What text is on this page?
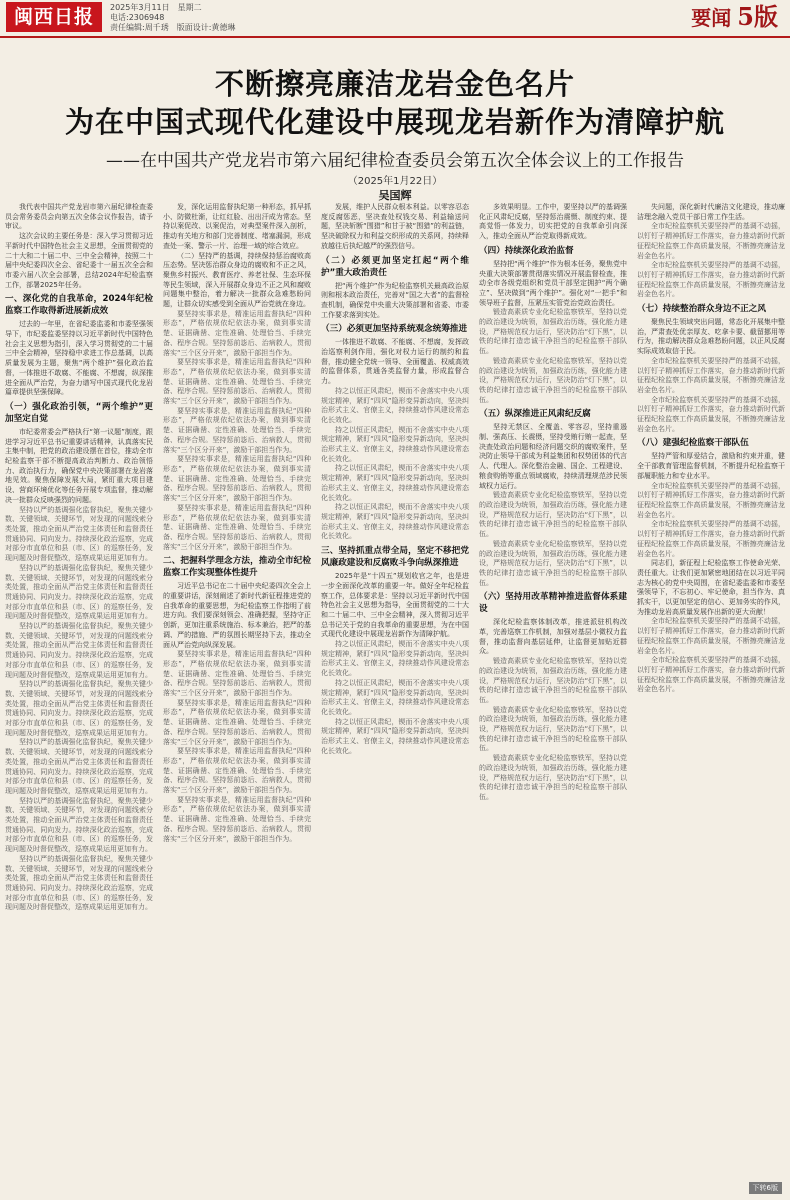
闽西日报	2025年3月11日　星期二
电话:2306948
责任编辑:周千琇　版面设计:黄德琳	要闻 5版
不断擦亮廉洁龙岩金色名片
为在中国式现代化建设中展现龙岩新作为清障护航
——在中国共产党龙岩市第六届纪律检查委员会第五次全体会议上的工作报告
（2025年1月22日）
吴国辉

我代表中国共产党龙岩市第六届纪律检查委员会常务委员会向第五次全体会议作报告，请予审议。

这次会议的主要任务是：深入学习贯彻习近平新时代中国特色社会主义思想，全面贯彻党的二十大和二十届二中、三中全会精神，按照二十届中央纪委四次全会、省纪委十一届五次全会和市委六届八次全会部署，总结2024年纪检监察工作，部署2025年任务。

一、深化党的自我革命，2024年纪检监察工作取得新进展新成效

过去的一年里，在省纪委监委和市委坚强领导下，市纪委监委坚持以习近平新时代中国特色社会主义思想为指引，深入学习贯彻党的二十届三中全会精神，坚持稳中求进工作总基调，以高质量发展为主题，聚焦“两个维护”强化政治监督，一体推进不敢腐、不能腐、不想腐，纵深推进全面从严治党，为奋力谱写中国式现代化龙岩篇章提供坚强保障。

（一）强化政治引领，“两个维护”更加坚定自觉

市纪委常委会严格执行“第一议题”制度，跟进学习习近平总书记重要讲话精神，认真落实民主集中制，把党的政治建设摆在首位，推动全市纪检监察干部不断提高政治判断力、政治领悟力、政治执行力，确保党中央决策部署在龙岩落地见效。聚焦保障发展大局，紧盯重大项目建设、营商环境优化等任务开展专项监督，推动解决一批群众反映强烈的问题。

坚持以严的基调强化监督执纪，聚焦关键少数、关键领域、关键环节，对发现的问题线索分类处置，推动全面从严治党主体责任和监督责任贯通协同、同向发力。持续深化政治巡察，完成对部分市直单位和县（市、区）的巡察任务，发现问题及时督促整改，巡察成果运用更加有力。

坚持以严的基调强化监督执纪，聚焦关键少数、关键领域、关键环节，对发现的问题线索分类处置，推动全面从严治党主体责任和监督责任贯通协同、同向发力。持续深化政治巡察，完成对部分市直单位和县（市、区）的巡察任务，发现问题及时督促整改，巡察成果运用更加有力。

坚持以严的基调强化监督执纪，聚焦关键少数、关键领域、关键环节，对发现的问题线索分类处置，推动全面从严治党主体责任和监督责任贯通协同、同向发力。持续深化政治巡察，完成对部分市直单位和县（市、区）的巡察任务，发现问题及时督促整改，巡察成果运用更加有力。

坚持以严的基调强化监督执纪，聚焦关键少数、关键领域、关键环节，对发现的问题线索分类处置，推动全面从严治党主体责任和监督责任贯通协同、同向发力。持续深化政治巡察，完成对部分市直单位和县（市、区）的巡察任务，发现问题及时督促整改，巡察成果运用更加有力。

坚持以严的基调强化监督执纪，聚焦关键少数、关键领域、关键环节，对发现的问题线索分类处置，推动全面从严治党主体责任和监督责任贯通协同、同向发力。持续深化政治巡察，完成对部分市直单位和县（市、区）的巡察任务，发现问题及时督促整改，巡察成果运用更加有力。

坚持以严的基调强化监督执纪，聚焦关键少数、关键领域、关键环节，对发现的问题线索分类处置，推动全面从严治党主体责任和监督责任贯通协同、同向发力。持续深化政治巡察，完成对部分市直单位和县（市、区）的巡察任务，发现问题及时督促整改，巡察成果运用更加有力。

坚持以严的基调强化监督执纪，聚焦关键少数、关键领域、关键环节，对发现的问题线索分类处置，推动全面从严治党主体责任和监督责任贯通协同、同向发力。持续深化政治巡察，完成对部分市直单位和县（市、区）的巡察任务，发现问题及时督促整改，巡察成果运用更加有力。

发，深化运用监督执纪第一种形态，抓早抓小、防微杜渐，让红红脸、出出汗成为常态。坚持以案促改、以案促治，对典型案件深入剖析，推动有关地方和部门完善制度、堵塞漏洞，形成查处一案、警示一片、治理一域的综合效应。

（二）坚持严的基调，持续保持惩治腐败高压态势。坚决惩治群众身边的腐败和不正之风，聚焦乡村振兴、教育医疗、养老社保、生态环保等民生领域，深入开展群众身边不正之风和腐败问题集中整治，着力解决一批群众急难愁盼问题，让群众切实感受到全面从严治党就在身边。

要坚持实事求是，精准运用监督执纪“四种形态”，严格依规依纪依法办案，做到事实清楚、证据确凿、定性准确、处理恰当、手续完备、程序合规。坚持惩前毖后、治病救人，贯彻落实“三个区分开来”，激励干部担当作为。

要坚持实事求是，精准运用监督执纪“四种形态”，严格依规依纪依法办案，做到事实清楚、证据确凿、定性准确、处理恰当、手续完备、程序合规。坚持惩前毖后、治病救人，贯彻落实“三个区分开来”，激励干部担当作为。

要坚持实事求是，精准运用监督执纪“四种形态”，严格依规依纪依法办案，做到事实清楚、证据确凿、定性准确、处理恰当、手续完备、程序合规。坚持惩前毖后、治病救人，贯彻落实“三个区分开来”，激励干部担当作为。

要坚持实事求是，精准运用监督执纪“四种形态”，严格依规依纪依法办案，做到事实清楚、证据确凿、定性准确、处理恰当、手续完备、程序合规。坚持惩前毖后、治病救人，贯彻落实“三个区分开来”，激励干部担当作为。

要坚持实事求是，精准运用监督执纪“四种形态”，严格依规依纪依法办案，做到事实清楚、证据确凿、定性准确、处理恰当、手续完备、程序合规。坚持惩前毖后、治病救人，贯彻落实“三个区分开来”，激励干部担当作为。

二、把握科学理念方法，推动全市纪检监察工作实现整体性提升

习近平总书记在二十届中央纪委四次全会上的重要讲话，深刻阐述了新时代新征程推进党的自我革命的重要思想，为纪检监察工作指明了前进方向。我们要深刻领会、准确把握，坚持守正创新，更加注重系统施治、标本兼治，把严的基调、严的措施、严的氛围长期坚持下去，推动全面从严治党向纵深发展。

要坚持实事求是，精准运用监督执纪“四种形态”，严格依规依纪依法办案，做到事实清楚、证据确凿、定性准确、处理恰当、手续完备、程序合规。坚持惩前毖后、治病救人，贯彻落实“三个区分开来”，激励干部担当作为。

要坚持实事求是，精准运用监督执纪“四种形态”，严格依规依纪依法办案，做到事实清楚、证据确凿、定性准确、处理恰当、手续完备、程序合规。坚持惩前毖后、治病救人，贯彻落实“三个区分开来”，激励干部担当作为。

要坚持实事求是，精准运用监督执纪“四种形态”，严格依规依纪依法办案，做到事实清楚、证据确凿、定性准确、处理恰当、手续完备、程序合规。坚持惩前毖后、治病救人，贯彻落实“三个区分开来”，激励干部担当作为。

要坚持实事求是，精准运用监督执纪“四种形态”，严格依规依纪依法办案，做到事实清楚、证据确凿、定性准确、处理恰当、手续完备、程序合规。坚持惩前毖后、治病救人，贯彻落实“三个区分开来”，激励干部担当作为。

发展，维护人民群众根本利益。以零容忍态度反腐惩恶，坚决查处权钱交易、利益输送问题，坚决斩断“围猎”和甘于被“围猎”的利益链，坚决破除权力和利益交织形成的关系网，持续释放越往后执纪越严的强烈信号。

（二）必须更加坚定扛起“两个维护”重大政治责任

把“两个维护”作为纪检监察机关最高政治原则和根本政治责任，完善对“国之大者”的监督检查机制，确保党中央重大决策部署和省委、市委工作要求落到实处。

（三）必须更加坚持系统观念统筹推进

一体推进不敢腐、不能腐、不想腐，发挥政治巡察利剑作用，强化对权力运行的制约和监督，推动健全党统一领导、全面覆盖、权威高效的监督体系，贯通各类监督力量，形成监督合力。

持之以恒正风肃纪，锲而不舍落实中央八项规定精神，紧盯“四风”隐形变异新动向，坚决纠治形式主义、官僚主义，持续推动作风建设常态化长效化。

持之以恒正风肃纪，锲而不舍落实中央八项规定精神，紧盯“四风”隐形变异新动向，坚决纠治形式主义、官僚主义，持续推动作风建设常态化长效化。

持之以恒正风肃纪，锲而不舍落实中央八项规定精神，紧盯“四风”隐形变异新动向，坚决纠治形式主义、官僚主义，持续推动作风建设常态化长效化。

持之以恒正风肃纪，锲而不舍落实中央八项规定精神，紧盯“四风”隐形变异新动向，坚决纠治形式主义、官僚主义，持续推动作风建设常态化长效化。

三、坚持抓重点带全局，坚定不移把党风廉政建设和反腐败斗争向纵深推进

2025年是“十四五”规划收官之年，也是进一步全面深化改革的重要一年。做好全年纪检监察工作，总体要求是：坚持以习近平新时代中国特色社会主义思想为指导，全面贯彻党的二十大和二十届二中、三中全会精神，深入贯彻习近平总书记关于党的自我革命的重要思想，为在中国式现代化建设中展现龙岩新作为清障护航。

持之以恒正风肃纪，锲而不舍落实中央八项规定精神，紧盯“四风”隐形变异新动向，坚决纠治形式主义、官僚主义，持续推动作风建设常态化长效化。

持之以恒正风肃纪，锲而不舍落实中央八项规定精神，紧盯“四风”隐形变异新动向，坚决纠治形式主义、官僚主义，持续推动作风建设常态化长效化。

持之以恒正风肃纪，锲而不舍落实中央八项规定精神，紧盯“四风”隐形变异新动向，坚决纠治形式主义、官僚主义，持续推动作风建设常态化长效化。

多效果明显。工作中，要坚持以严的基调强化正风肃纪反腐，坚持惩治震慑、制度约束、提高觉悟一体发力，切实把党的自我革命引向深入，推动全面从严治党取得新成效。

（四）持续深化政治监督

坚持把“两个维护”作为根本任务，聚焦党中央重大决策部署贯彻落实情况开展监督检查，推动全市各级党组织和党员干部坚定拥护“两个确立”、坚决做到“两个维护”。强化对“一把手”和领导班子监督，压紧压实管党治党政治责任。

锻造高素质专业化纪检监察铁军，坚持以党的政治建设为统领，加强政治历练，强化能力建设，严格规范权力运行，坚决防治“灯下黑”，以铁的纪律打造忠诚干净担当的纪检监察干部队伍。

锻造高素质专业化纪检监察铁军，坚持以党的政治建设为统领，加强政治历练，强化能力建设，严格规范权力运行，坚决防治“灯下黑”，以铁的纪律打造忠诚干净担当的纪检监察干部队伍。

（五）纵深推进正风肃纪反腐

坚持无禁区、全覆盖、零容忍，坚持重遏制、强高压、长震慑，坚持受贿行贿一起查，坚决查处政治问题和经济问题交织的腐败案件，坚决防止领导干部成为利益集团和权势团体的代言人、代理人。深化整治金融、国企、工程建设、粮食购销等重点领域腐败，持续清理规范涉民领域权力运行。

锻造高素质专业化纪检监察铁军，坚持以党的政治建设为统领，加强政治历练，强化能力建设，严格规范权力运行，坚决防治“灯下黑”，以铁的纪律打造忠诚干净担当的纪检监察干部队伍。

锻造高素质专业化纪检监察铁军，坚持以党的政治建设为统领，加强政治历练，强化能力建设，严格规范权力运行，坚决防治“灯下黑”，以铁的纪律打造忠诚干净担当的纪检监察干部队伍。

（六）坚持用改革精神推进监督体系建设

深化纪检监察体制改革，推进派驻机构改革，完善巡察工作机制，加强对基层小微权力监督，推动监督向基层延伸，让监督更加贴近群众。

锻造高素质专业化纪检监察铁军，坚持以党的政治建设为统领，加强政治历练，强化能力建设，严格规范权力运行，坚决防治“灯下黑”，以铁的纪律打造忠诚干净担当的纪检监察干部队伍。

锻造高素质专业化纪检监察铁军，坚持以党的政治建设为统领，加强政治历练，强化能力建设，严格规范权力运行，坚决防治“灯下黑”，以铁的纪律打造忠诚干净担当的纪检监察干部队伍。

锻造高素质专业化纪检监察铁军，坚持以党的政治建设为统领，加强政治历练，强化能力建设，严格规范权力运行，坚决防治“灯下黑”，以铁的纪律打造忠诚干净担当的纪检监察干部队伍。

失问题，深化新时代廉洁文化建设，推动廉洁理念融入党员干部日常工作生活。

全市纪检监察机关要坚持严的基调不动摇，以钉钉子精神抓好工作落实，奋力推动新时代新征程纪检监察工作高质量发展，不断擦亮廉洁龙岩金色名片。

全市纪检监察机关要坚持严的基调不动摇，以钉钉子精神抓好工作落实，奋力推动新时代新征程纪检监察工作高质量发展，不断擦亮廉洁龙岩金色名片。

（七）持续整治群众身边不正之风

聚焦民生领域突出问题，常态化开展集中整治，严肃查处优亲厚友、吃拿卡要、截留挪用等行为，推动解决群众急难愁盼问题，以正风反腐实际成效取信于民。

全市纪检监察机关要坚持严的基调不动摇，以钉钉子精神抓好工作落实，奋力推动新时代新征程纪检监察工作高质量发展，不断擦亮廉洁龙岩金色名片。

全市纪检监察机关要坚持严的基调不动摇，以钉钉子精神抓好工作落实，奋力推动新时代新征程纪检监察工作高质量发展，不断擦亮廉洁龙岩金色名片。

（八）建强纪检监察干部队伍

坚持严管和厚爱结合，激励和约束并重，健全干部教育管理监督机制，不断提升纪检监察干部履职能力和专业水平。

全市纪检监察机关要坚持严的基调不动摇，以钉钉子精神抓好工作落实，奋力推动新时代新征程纪检监察工作高质量发展，不断擦亮廉洁龙岩金色名片。

全市纪检监察机关要坚持严的基调不动摇，以钉钉子精神抓好工作落实，奋力推动新时代新征程纪检监察工作高质量发展，不断擦亮廉洁龙岩金色名片。

同志们，新征程上纪检监察工作使命光荣、责任重大。让我们更加紧密地团结在以习近平同志为核心的党中央周围，在省纪委监委和市委坚强领导下，不忘初心、牢记使命，担当作为、真抓实干，以更加坚定的信心、更加务实的作风，为推动龙岩高质量发展作出新的更大贡献！

全市纪检监察机关要坚持严的基调不动摇，以钉钉子精神抓好工作落实，奋力推动新时代新征程纪检监察工作高质量发展，不断擦亮廉洁龙岩金色名片。

全市纪检监察机关要坚持严的基调不动摇，以钉钉子精神抓好工作落实，奋力推动新时代新征程纪检监察工作高质量发展，不断擦亮廉洁龙岩金色名片。

下转6版
